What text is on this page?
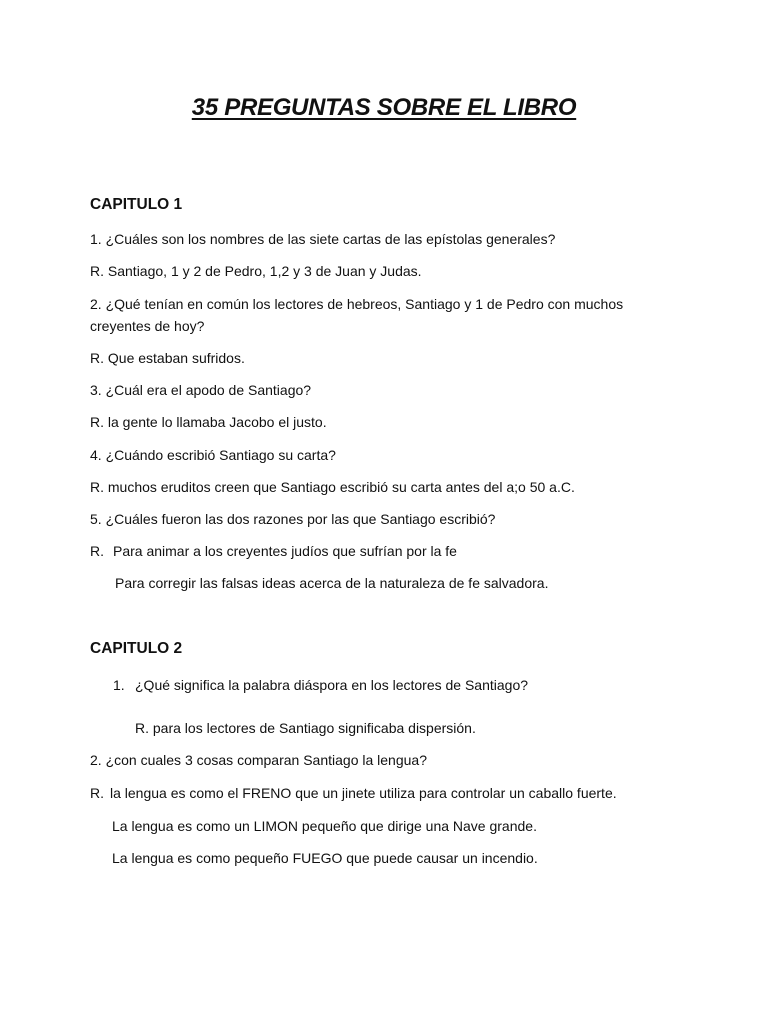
35 PREGUNTAS SOBRE EL LIBRO
CAPITULO 1
1. ¿Cuáles son los nombres de las siete cartas de las epístolas generales?
R. Santiago, 1 y 2 de Pedro, 1,2 y 3 de Juan y Judas.
2. ¿Qué tenían en común los lectores de hebreos, Santiago y 1 de Pedro con muchos creyentes de hoy?
R. Que estaban sufridos.
3. ¿Cuál era el apodo de Santiago?
R. la gente lo llamaba Jacobo el justo.
4. ¿Cuándo escribió Santiago su carta?
R. muchos eruditos creen que Santiago escribió su carta antes del a;o 50 a.C.
5. ¿Cuáles fueron las dos razones por las que Santiago escribió?
R. Para animar a los creyentes judíos que sufrían por la fe
Para corregir las falsas ideas acerca de la naturaleza de fe salvadora.
CAPITULO 2
1. ¿Qué significa la palabra diáspora en los lectores de Santiago?
R. para los lectores de Santiago significaba dispersión.
2. ¿con cuales 3 cosas comparan Santiago la lengua?
R. la lengua es como el FRENO que un jinete utiliza para controlar un caballo fuerte.
La lengua es como un LIMON pequeño que dirige una Nave grande.
La lengua es como pequeño FUEGO que puede causar un incendio.
